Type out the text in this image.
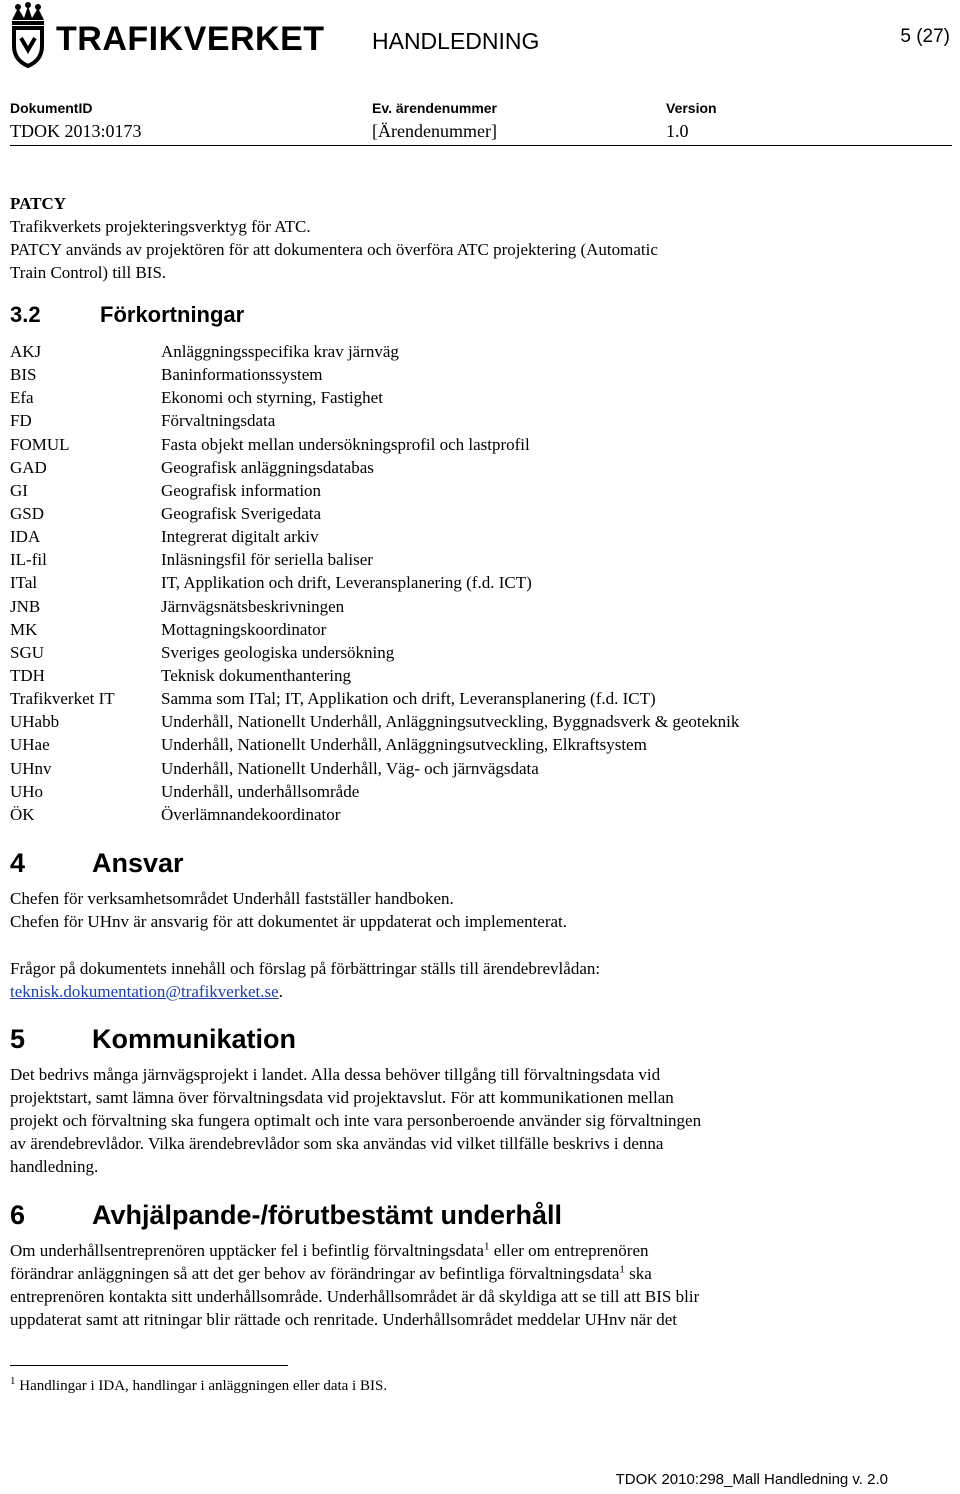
TRAFIKVERKET HANDLEDNING	5 (27)
DokumentID	Ev. ärendenummer	Version
TDOK 2013:0173	[Ärendenummer]	1.0
PATCY
Trafikverkets projekteringsverktyg för ATC.
PATCY används av projektören för att dokumentera och överföra ATC projektering (Automatic
Train Control) till BIS.
3.2	Förkortningar
AKJ	Anläggningsspecifika krav järnväg
BIS	Baninformationssystem
Efa	Ekonomi och styrning, Fastighet
FD	Förvaltningsdata
FOMUL	Fasta objekt mellan undersökningsprofil och lastprofil
GAD	Geografisk anläggningsdatabas
GI	Geografisk information
GSD	Geografisk Sverigedata
IDA	Integrerat digitalt arkiv
IL-fil	Inläsningsfil för seriella baliser
ITal	IT, Applikation och drift, Leveransplanering (f.d. ICT)
JNB	Järnvägsnätsbeskrivningen
MK	Mottagningskoordinator
SGU	Sveriges geologiska undersökning
TDH	Teknisk dokumenthantering
Trafikverket IT	Samma som ITal; IT, Applikation och drift, Leveransplanering (f.d. ICT)
UHabb	Underhåll, Nationellt Underhåll, Anläggningsutveckling, Byggnadsverk & geoteknik
UHae	Underhåll, Nationellt Underhåll, Anläggningsutveckling, Elkraftsystem
UHnv	Underhåll, Nationellt Underhåll, Väg- och järnvägsdata
UHo	Underhåll, underhållsområde
ÖK	Överlämnandekoordinator
4 Ansvar
Chefen för verksamhetsområdet Underhåll fastställer handboken.
Chefen för UHnv är ansvarig för att dokumentet är uppdaterat och implementerat.
Frågor på dokumentets innehåll och förslag på förbättringar ställs till ärendebrevlådan:
teknisk.dokumentation@trafikverket.se.
5 Kommunikation
Det bedrivs många järnvägsprojekt i landet. Alla dessa behöver tillgång till förvaltningsdata vid
projektstart, samt lämna över förvaltningsdata vid projektavslut. För att kommunikationen mellan
projekt och förvaltning ska fungera optimalt och inte vara personberoende använder sig förvaltningen
av ärendebrevlådor. Vilka ärendebrevlådor som ska användas vid vilket tillfälle beskrivs i denna
handledning.
6 Avhjälpande-/förutbestämt underhåll
Om underhållsentreprenören upptäcker fel i befintlig förvaltningsdata$^1$ eller om entreprenören
förändrar anläggningen så att det ger behov av förändringar av befintliga förvaltningsdata$^1$ ska
entreprenören kontakta sitt underhållsområde. Underhållsområdet är då skyldiga att se till att BIS blir
uppdaterat samt att ritningar blir rättade och renritade. Underhållsområdet meddelar UHnv när det
$^1$ Handlingar i IDA, handlingar i anläggningen eller data i BIS.
TDOK 2010:298_Mall Handledning v. 2.0
